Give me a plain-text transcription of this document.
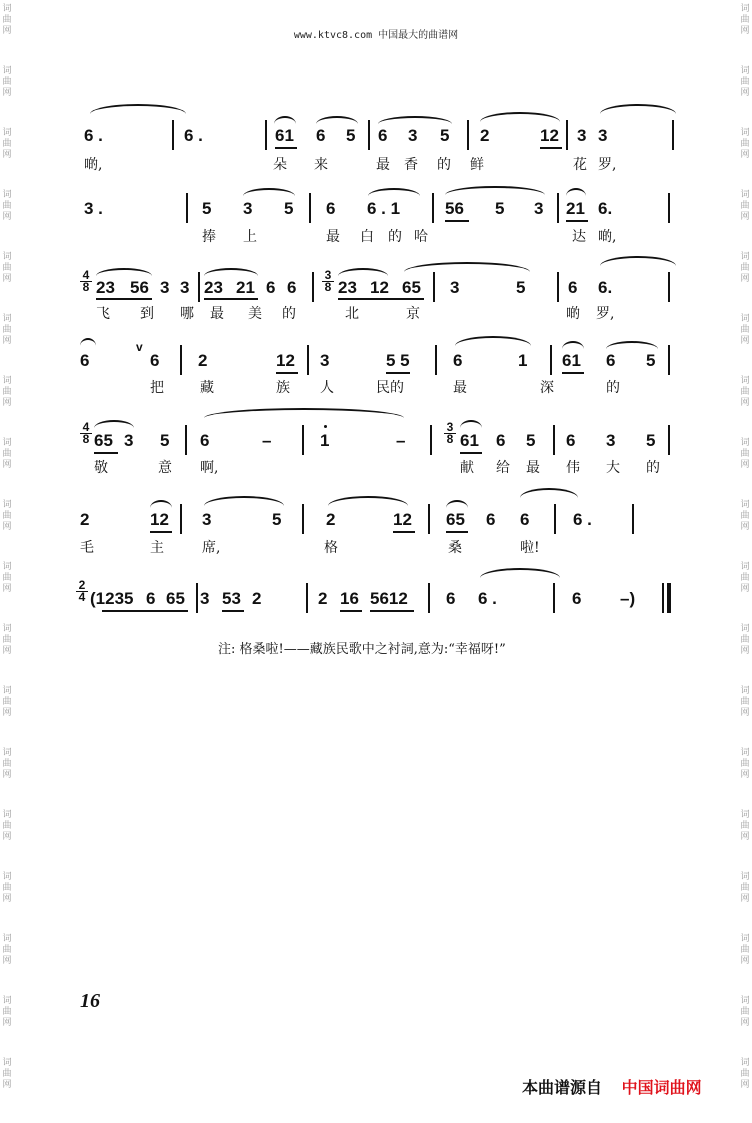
词
曲
网
词
曲
网
词
曲
网
词
曲
网
词
曲
网
词
曲
网
词
曲
网
词
曲
网
词
曲
网
词
曲
网
词
曲
网
词
曲
网
词
曲
网
词
曲
网
词
曲
网
词
曲
网
词
曲
网
词
曲
网
词
曲
网
词
曲
网
词
曲
网
词
曲
网
词
曲
网
词
曲
网
词
曲
网
词
曲
网
词
曲
网
词
曲
网
词
曲
网
词
曲
网
词
曲
网
词
曲
网
词
曲
网
词
曲
网
词
曲
网
词
曲
网
www.ktvc8.com 中国最大的曲谱网
6 .	6 .	61 6 5 6 3 5 2	12 3 3
啲,	朵 来	最 香 的 鲜	花 罗,
3 .	5 3 5 6 6 . 1	56 5 3 21 6.
捧 上	最 白 的 哈	达 啲,
4
8 23 56 3 3 23 21 6 6
3
8 23 12 65 3	5	6 6.
飞 到 哪 最 美 的	北	京	啲 罗,
6
v
6 2	12 3	5 5	6	1 61 6 5
把	藏	族 人	民的	最	深	的
4
8 65 3 5 6	–	1	–
3
8 61 6 5 6 3 5
敬	意 啊,	献 给 最 伟 大 的
2	12 3	5	2	12 65 6 6	6 .
毛	主	席,	格	桑	啦!
2
4 (1235 6 65 3 53 2	2 16 5612 6 6 .	6 –)
注: 格桑啦!——藏族民歌中之衬詞,意为:“幸福呀!”
16
本曲谱源自 中国词曲网
